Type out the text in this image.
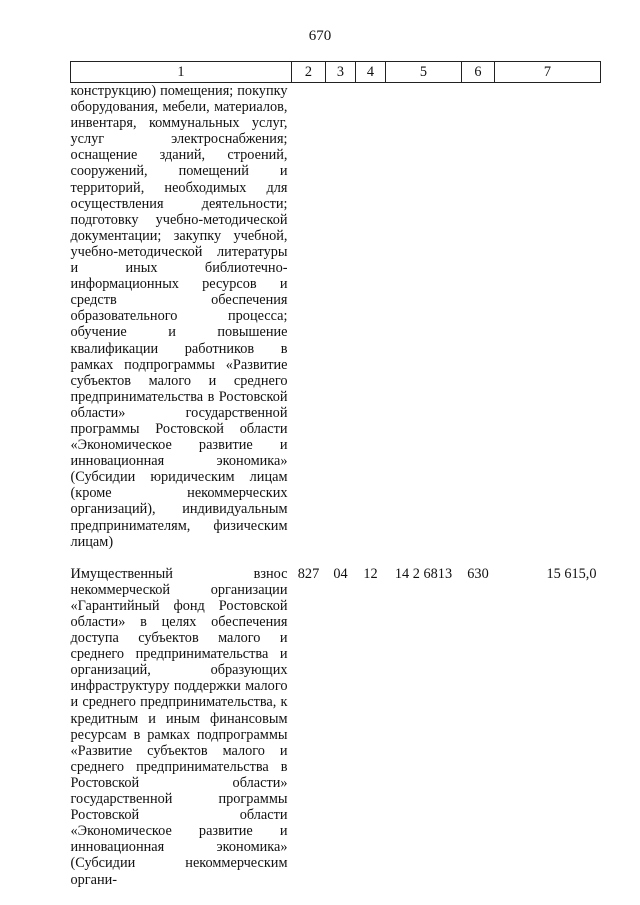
670
1	2	3	4	5	6	7
конструкцию) помещения; покупку оборудования, мебели, материалов, инвентаря, коммунальных услуг, услуг электроснабжения; оснащение зданий, строений, сооружений, помещений и территорий, необходимых для осуществления деятельности; подготовку учебно-методической документации; закупку учебной, учебно-методической литературы и иных библиотечно-информационных ресурсов и средств обеспечения образовательного процесса; обучение и повышение квалификации работников в рамках подпрограммы «Развитие субъектов малого и среднего предпринимательства в Ростовской области» государственной программы Ростовской области «Экономическое развитие и инновационная экономика» (Субсидии юридическим лицам (кроме некоммерческих организаций), индивидуальным предпринимателям, физическим лицам)						
Имущественный взнос некоммерческой организации «Гарантийный фонд Ростовской области» в целях обеспечения доступа субъектов малого и среднего предпринимательства и организаций, образующих инфраструктуру поддержки малого и среднего предпринимательства, к кредитным и иным финансовым ресурсам в рамках подпрограммы «Развитие субъектов малого и среднего предпринимательства в Ростовской области» государственной программы Ростовской области «Экономическое развитие и инновационная экономика» (Субсидии некоммерческим органи-	827	04	12	14 2 6813	630	15 615,0
